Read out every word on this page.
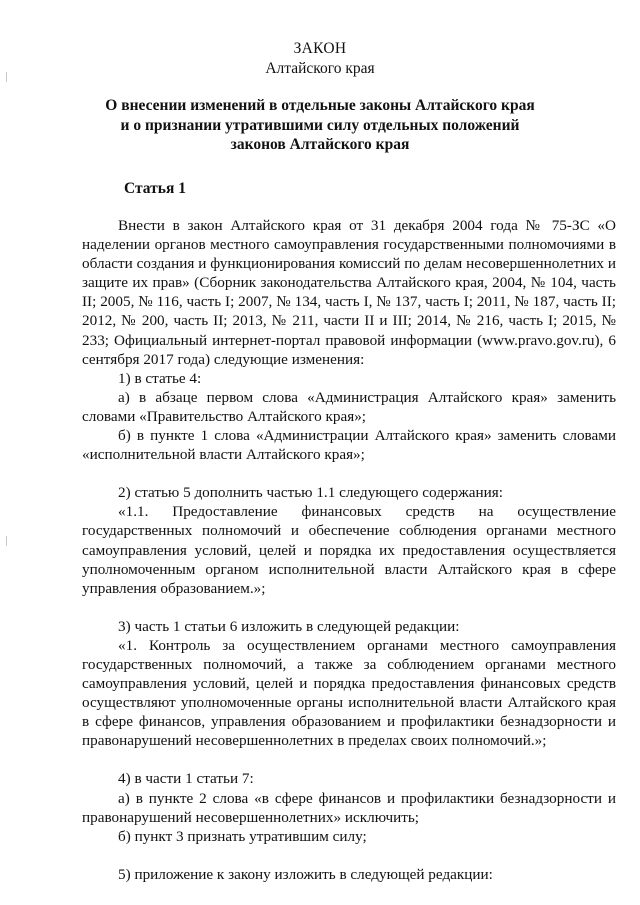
ЗАКОН
Алтайского края
О внесении изменений в отдельные законы Алтайского края
и о признании утратившими силу отдельных положений
законов Алтайского края
Статья 1

Внести в закон Алтайского края от 31 декабря 2004 года № 75-ЗС «О наделении органов местного самоуправления государственными полномочиями в области создания и функционирования комиссий по делам несовершеннолетних и защите их прав» (Сборник законодательства Алтайского края, 2004, № 104, часть II; 2005, № 116, часть I; 2007, № 134, часть I, № 137, часть I; 2011, № 187, часть II; 2012, № 200, часть II; 2013, № 211, части II и III; 2014, № 216, часть I; 2015, № 233; Официальный интернет-портал правовой информации (www.pravo.gov.ru), 6 сентября 2017 года) следующие изменения:

1) в статье 4:

а) в абзаце первом слова «Администрация Алтайского края» заменить словами «Правительство Алтайского края»;

б) в пункте 1 слова «Администрации Алтайского края» заменить словами «исполнительной власти Алтайского края»;

2) статью 5 дополнить частью 1.1 следующего содержания:

«1.1. Предоставление финансовых средств на осуществление государственных полномочий и обеспечение соблюдения органами местного самоуправления условий, целей и порядка их предоставления осуществляется уполномоченным органом исполнительной власти Алтайского края в сфере управления образованием.»;

3) часть 1 статьи 6 изложить в следующей редакции:

«1. Контроль за осуществлением органами местного самоуправления государственных полномочий, а также за соблюдением органами местного самоуправления условий, целей и порядка предоставления финансовых средств осуществляют уполномоченные органы исполнительной власти Алтайского края в сфере финансов, управления образованием и профилактики безнадзорности и правонарушений несовершеннолетних в пределах своих полномочий.»;

4) в части 1 статьи 7:

а) в пункте 2 слова «в сфере финансов и профилактики безнадзорности и правонарушений несовершеннолетних» исключить;

б) пункт 3 признать утратившим силу;

5) приложение к закону изложить в следующей редакции:
